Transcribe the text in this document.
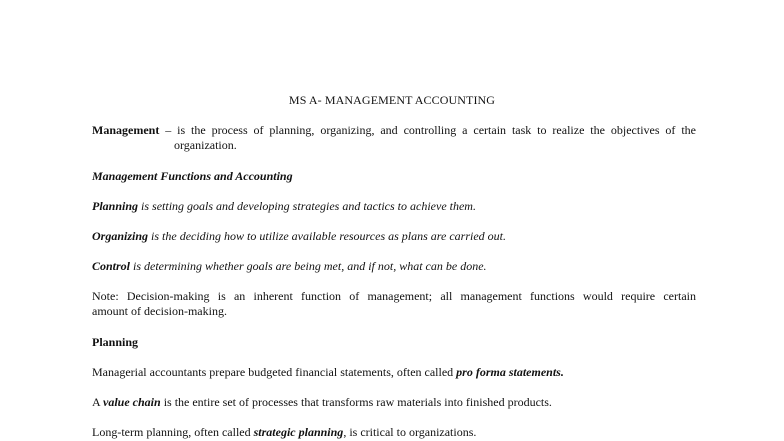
MS A- MANAGEMENT ACCOUNTING
Management – is the process of planning, organizing, and controlling a certain task to realize the objectives of the
organization.
Management Functions and Accounting
Planning is setting goals and developing strategies and tactics to achieve them.
Organizing is the deciding how to utilize available resources as plans are carried out.
Control is determining whether goals are being met, and if not, what can be done.
Note: Decision-making is an inherent function of management; all management functions would require certain
amount of decision-making.
Planning
Managerial accountants prepare budgeted financial statements, often called pro forma statements.
A value chain is the entire set of processes that transforms raw materials into finished products.
Long-term planning, often called strategic planning, is critical to organizations.
